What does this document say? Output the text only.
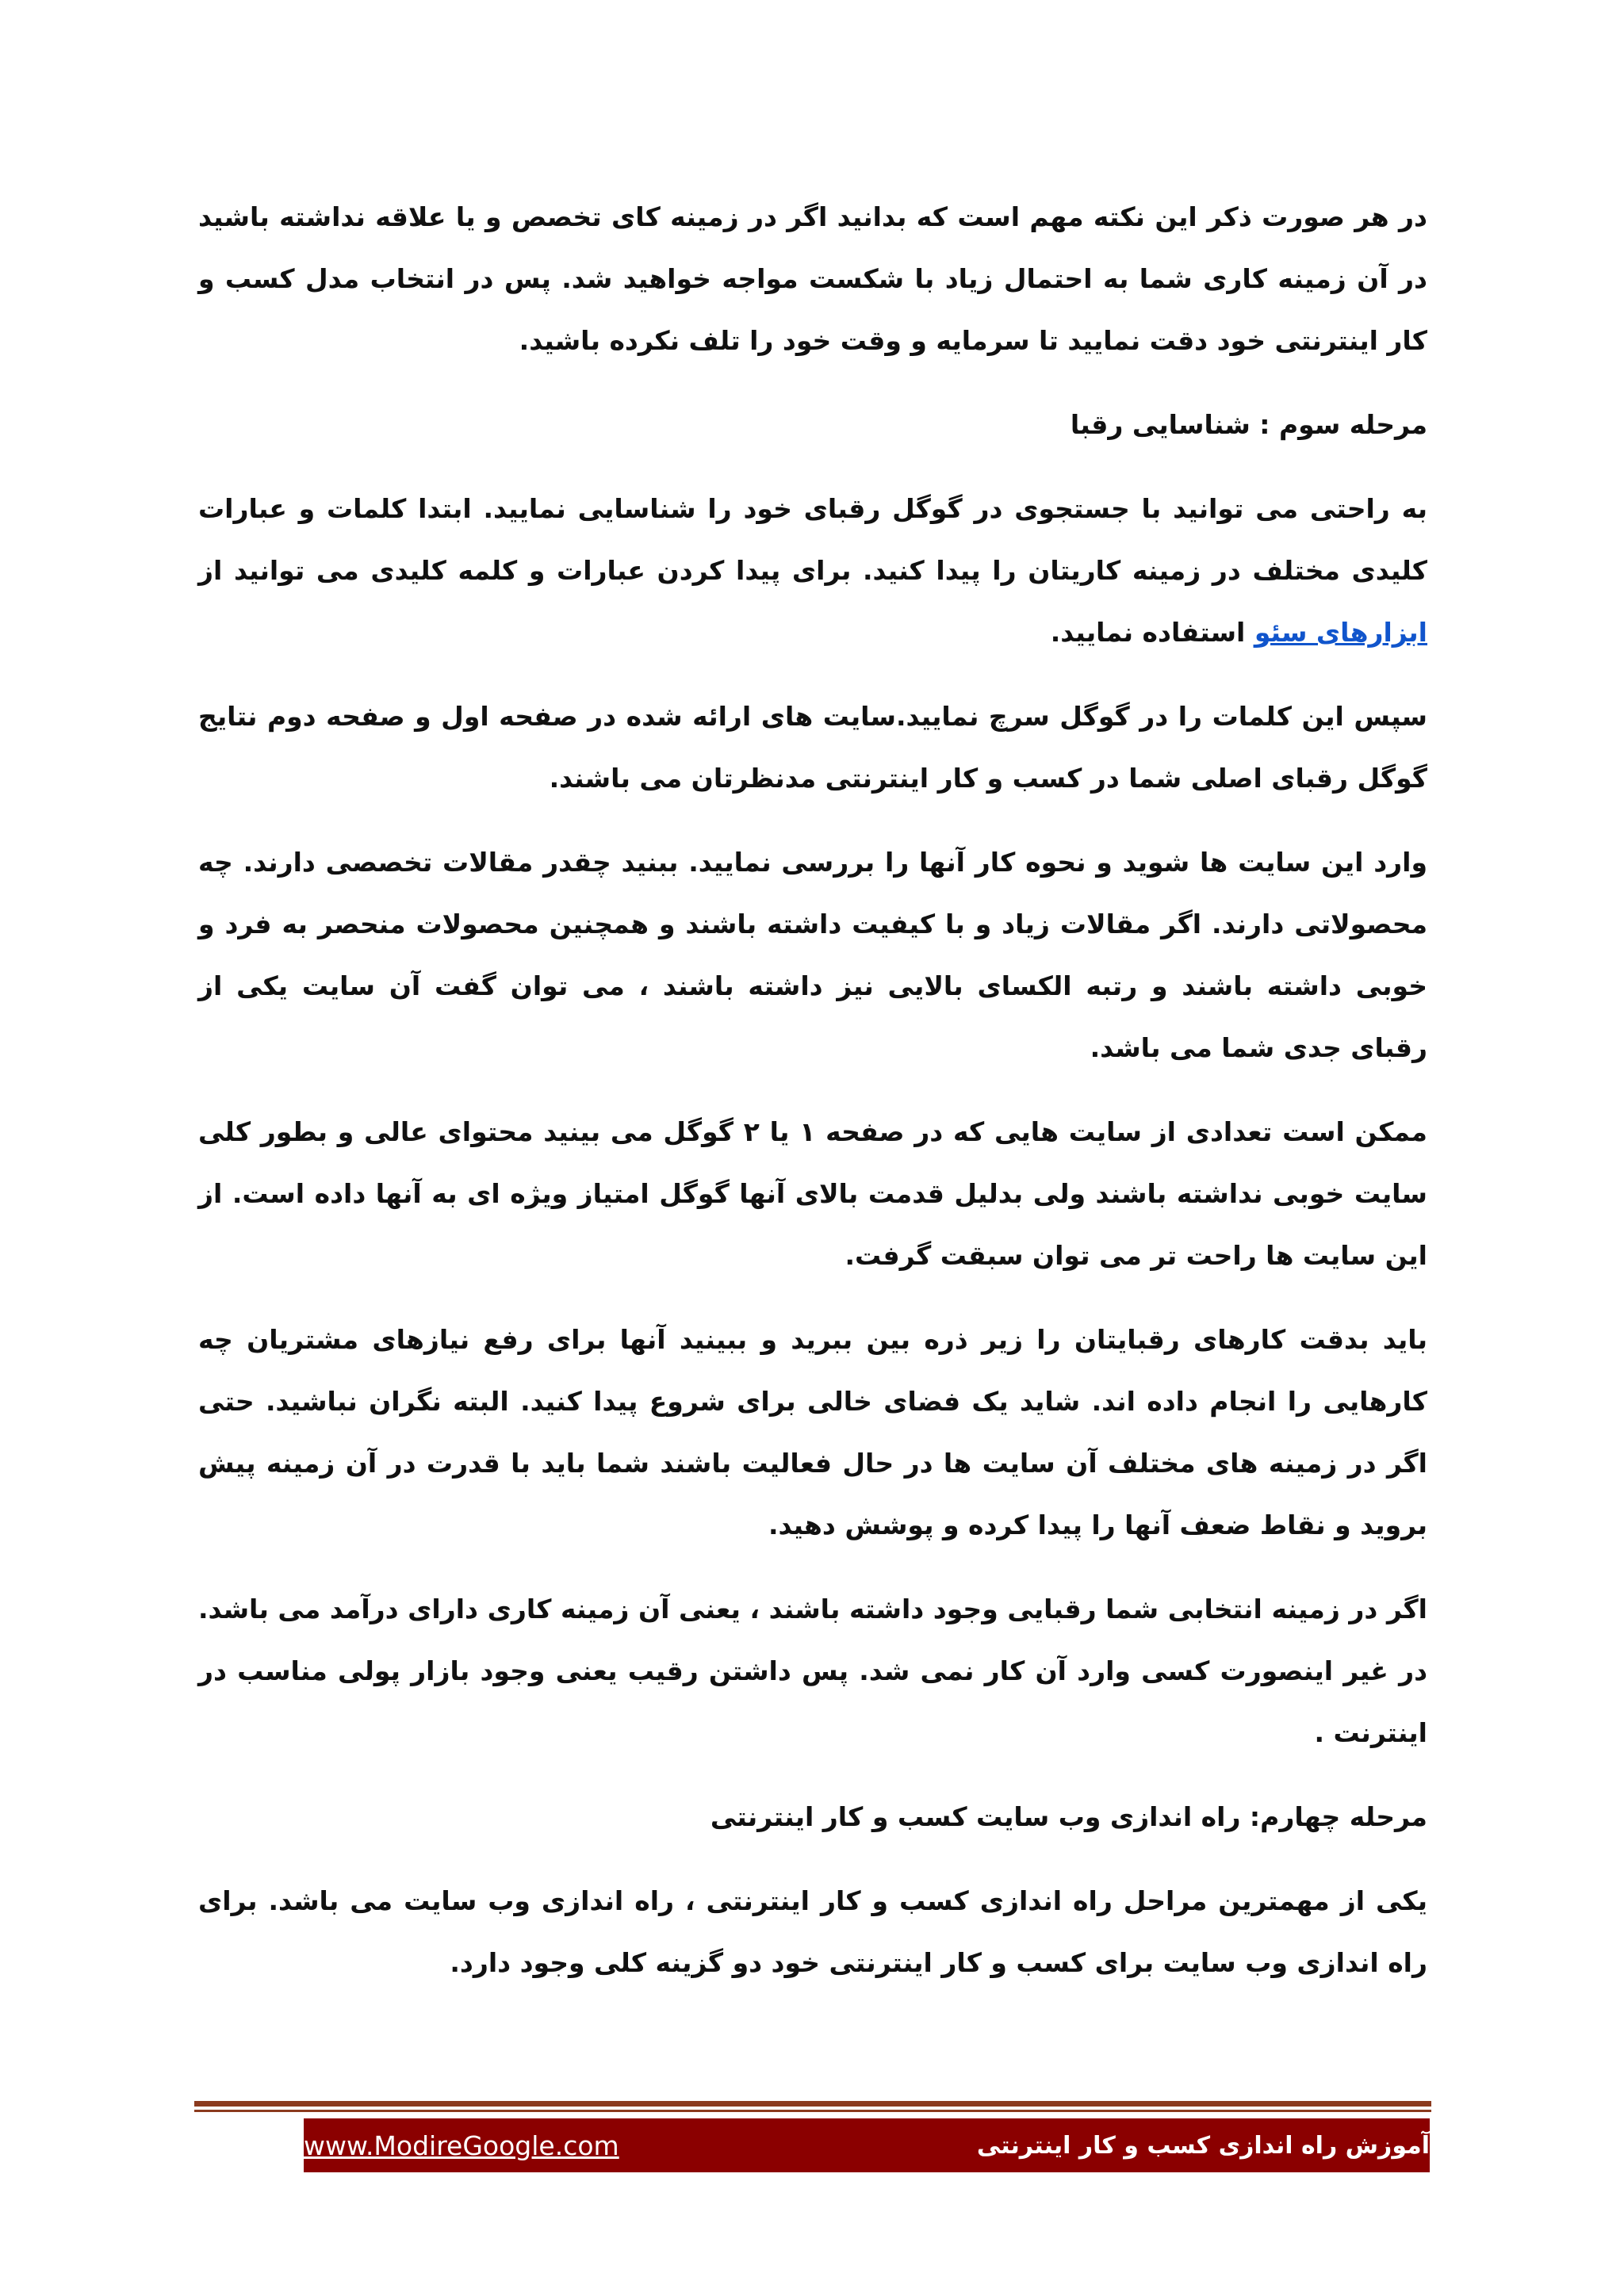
در هر صورت ذکر این نکته مهم است که بدانید اگر در زمینه کای تخصص و یا علاقه نداشته باشید در آن زمینه کاری شما به احتمال زیاد با شکست مواجه خواهید شد. پس در انتخاب مدل کسب و کار اینترنتی خود دقت نمایید تا سرمایه و وقت خود را تلف نکرده باشید.

مرحله سوم : شناسایی رقبا

به راحتی می توانید با جستجوی در گوگل رقبای خود را شناسایی نمایید. ابتدا کلمات و عبارات کلیدی مختلف در زمینه کاریتان را پیدا کنید. برای پیدا کردن عبارات و کلمه کلیدی می توانید از ابزارهای سئو استفاده نمایید.

سپس این کلمات را در گوگل سرچ نمایید.سایت های ارائه شده در صفحه اول و صفحه دوم نتایج گوگل رقبای اصلی شما در کسب و کار اینترنتی مدنظرتان می باشند.

وارد این سایت ها شوید و نحوه کار آنها را بررسی نمایید. ببنید چقدر مقالات تخصصی دارند. چه محصولاتی دارند. اگر مقالات زیاد و با کیفیت داشته باشند و همچنین محصولات منحصر به فرد و خوبی داشته باشند و رتبه الکسای بالایی نیز داشته باشند ، می توان گفت آن سایت یکی از رقبای جدی شما می باشد.

ممکن است تعدادی از سایت هایی که در صفحه ۱ یا ۲ گوگل می بینید محتوای عالی و بطور کلی سایت خوبی نداشته باشند ولی بدلیل قدمت بالای آنها گوگل امتیاز ویژه ای به آنها داده است. از این سایت ها راحت تر می توان سبقت گرفت.

باید بدقت کارهای رقبایتان را زیر ذره بین ببرید و ببینید آنها برای رفع نیازهای مشتریان چه کارهایی را انجام داده اند. شاید یک فضای خالی برای شروع پیدا کنید. البته نگران نباشید. حتی اگر در زمینه های مختلف آن سایت ها در حال فعالیت باشند شما باید با قدرت در آن زمینه پیش بروید و نقاط ضعف آنها را پیدا کرده و پوشش دهید.

اگر در زمینه انتخابی شما رقبایی وجود داشته باشند ، یعنی آن زمینه کاری دارای درآمد می باشد. در غیر اینصورت کسی وارد آن کار نمی شد. پس داشتن رقیب یعنی وجود بازار پولی مناسب در اینترنت .

مرحله چهارم: راه اندازی وب سایت کسب و کار اینترنتی

یکی از مهمترین مراحل راه اندازی کسب و کار اینترنتی ، راه اندازی وب سایت می باشد. برای راه اندازی وب سایت برای کسب و کار اینترنتی خود دو گزینه کلی وجود دارد.

www.ModireGoogle.com	آموزش راه اندازی کسب و کار اینترنتی
